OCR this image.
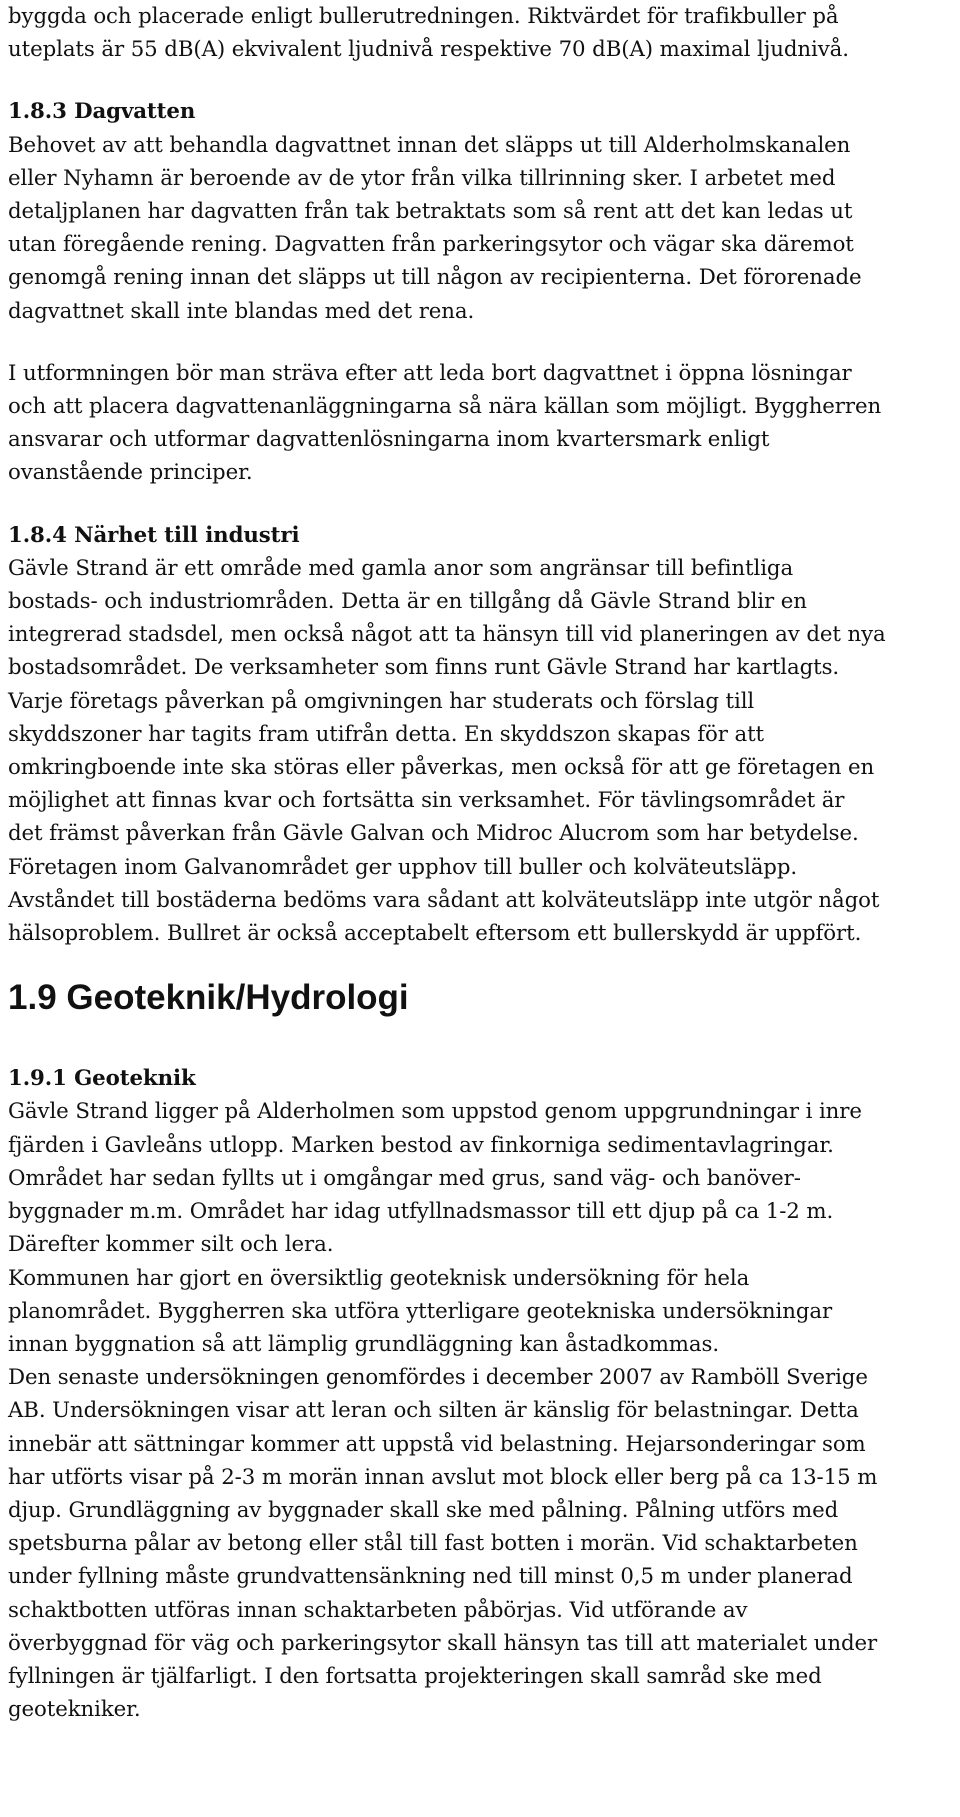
byggda och placerade enligt bullerutredningen. Riktvärdet för trafikbuller på
uteplats är 55 dB(A) ekvivalent ljudnivå respektive 70 dB(A) maximal ljudnivå.
1.8.3 Dagvatten
Behovet av att behandla dagvattnet innan det släpps ut till Alderholmskanalen
eller Nyhamn är beroende av de ytor från vilka tillrinning sker. I arbetet med
detaljplanen har dagvatten från tak betraktats som så rent att det kan ledas ut
utan föregående rening. Dagvatten från parkeringsytor och vägar ska däremot
genomgå rening innan det släpps ut till någon av recipienterna. Det förorenade
dagvattnet skall inte blandas med det rena.
I utformningen bör man sträva efter att leda bort dagvattnet i öppna lösningar
och att placera dagvattenanläggningarna så nära källan som möjligt. Byggherren
ansvarar och utformar dagvattenlösningarna inom kvartersmark enligt
ovanstående principer.
1.8.4 Närhet till industri
Gävle Strand är ett område med gamla anor som angränsar till befintliga
bostads- och industriområden. Detta är en tillgång då Gävle Strand blir en
integrerad stadsdel, men också något att ta hänsyn till vid planeringen av det nya
bostadsområdet. De verksamheter som finns runt Gävle Strand har kartlagts.
Varje företags påverkan på omgivningen har studerats och förslag till
skyddszoner har tagits fram utifrån detta. En skyddszon skapas för att
omkringboende inte ska störas eller påverkas, men också för att ge företagen en
möjlighet att finnas kvar och fortsätta sin verksamhet. För tävlingsområdet är
det främst påverkan från Gävle Galvan och Midroc Alucrom som har betydelse.
Företagen inom Galvanområdet ger upphov till buller och kolväteutsläpp.
Avståndet till bostäderna bedöms vara sådant att kolväteutsläpp inte utgör något
hälsoproblem. Bullret är också acceptabelt eftersom ett bullerskydd är uppfört.
1.9 Geoteknik/Hydrologi
1.9.1 Geoteknik
Gävle Strand ligger på Alderholmen som uppstod genom uppgrundningar i inre
fjärden i Gavleåns utlopp. Marken bestod av finkorniga sedimentavlagringar.
Området har sedan fyllts ut i omgångar med grus, sand väg- och banöver-
byggnader m.m. Området har idag utfyllnadsmassor till ett djup på ca 1-2 m.
Därefter kommer silt och lera.
Kommunen har gjort en översiktlig geoteknisk undersökning för hela
planområdet. Byggherren ska utföra ytterligare geotekniska undersökningar
innan byggnation så att lämplig grundläggning kan åstadkommas.
Den senaste undersökningen genomfördes i december 2007 av Ramböll Sverige
AB. Undersökningen visar att leran och silten är känslig för belastningar. Detta
innebär att sättningar kommer att uppstå vid belastning. Hejarsonderingar som
har utförts visar på 2-3 m morän innan avslut mot block eller berg på ca 13-15 m
djup. Grundläggning av byggnader skall ske med pålning. Pålning utförs med
spetsburna pålar av betong eller stål till fast botten i morän. Vid schaktarbeten
under fyllning måste grundvattensänkning ned till minst 0,5 m under planerad
schaktbotten utföras innan schaktarbeten påbörjas. Vid utförande av
överbyggnad för väg och parkeringsytor skall hänsyn tas till att materialet under
fyllningen är tjälfarligt. I den fortsatta projekteringen skall samråd ske med
geotekniker.
